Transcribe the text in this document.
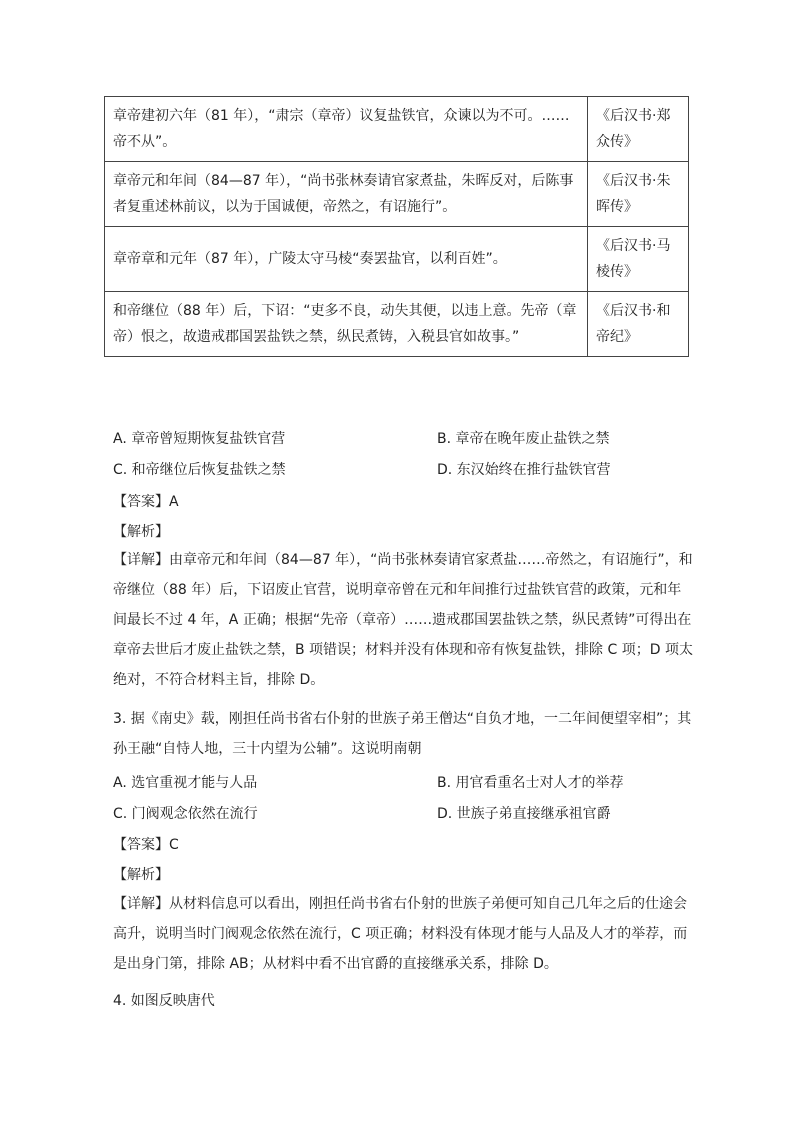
章帝建初六年（81 年），“肃宗（章帝）议复盐铁官，众谏以为不可。……帝不从”。	《后汉书·郑众传》
章帝元和年间（84—87 年），“尚书张林奏请官家煮盐，朱晖反对，后陈事者复重述林前议，以为于国诚便，帝然之，有诏施行”。	《后汉书·朱晖传》
章帝章和元年（87 年），广陵太守马棱“奏罢盐官，以利百姓”。	《后汉书·马棱传》
和帝继位（88 年）后，下诏：“吏多不良，动失其便，以违上意。先帝（章帝）恨之，故遗戒郡国罢盐铁之禁，纵民煮铸，入税县官如故事。”	《后汉书·和帝纪》
A. 章帝曾短期恢复盐铁官营	B. 章帝在晚年废止盐铁之禁
C. 和帝继位后恢复盐铁之禁	D. 东汉始终在推行盐铁官营
【答案】A
【解析】
【详解】由章帝元和年间（84—87 年），“尚书张林奏请官家煮盐……帝然之，有诏施行”，和帝继位（88 年）后，下诏废止官营，说明章帝曾在元和年间推行过盐铁官营的政策，元和年间最长不过 4 年，A 正确；根据“先帝（章帝）……遗戒郡国罢盐铁之禁，纵民煮铸”可得出在章帝去世后才废止盐铁之禁，B 项错误；材料并没有体现和帝有恢复盐铁，排除 C 项；D 项太绝对，不符合材料主旨，排除 D。
3. 据《南史》载，刚担任尚书省右仆射的世族子弟王僧达“自负才地，一二年间便望宰相”；其孙王融“自恃人地，三十内望为公辅”。这说明南朝
A. 选官重视才能与人品	B. 用官看重名士对人才的举荐
C. 门阀观念依然在流行	D. 世族子弟直接继承祖官爵
【答案】C
【解析】
【详解】从材料信息可以看出，刚担任尚书省右仆射的世族子弟便可知自己几年之后的仕途会高升，说明当时门阀观念依然在流行，C 项正确；材料没有体现才能与人品及人才的举荐，而是出身门第，排除 AB；从材料中看不出官爵的直接继承关系，排除 D。
4. 如图反映唐代
